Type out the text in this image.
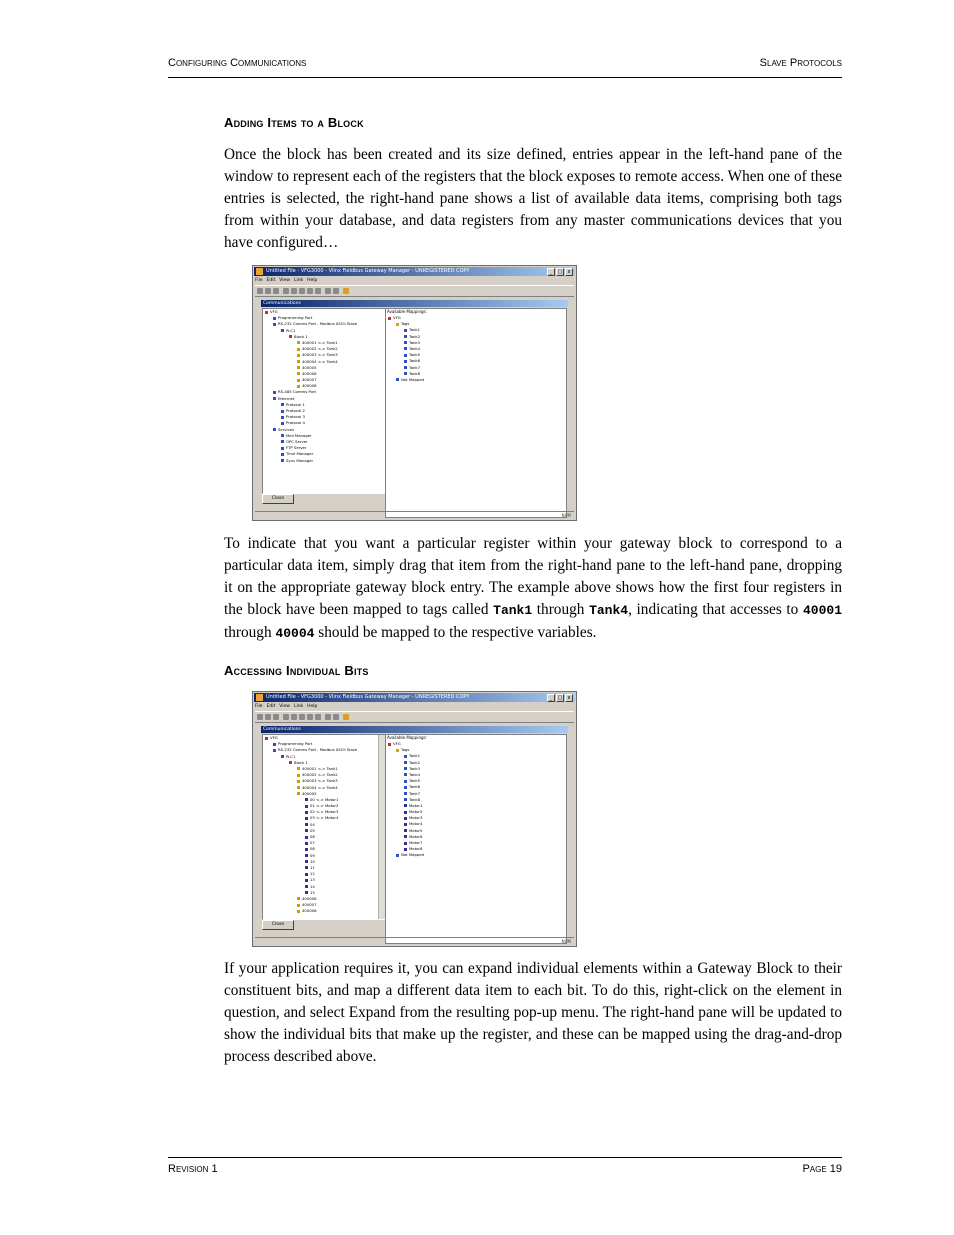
Configuring Communications	Slave Protocols
Adding Items to a Block
Once the block has been created and its size defined, entries appear in the left-hand pane of the window to represent each of the registers that the block exposes to remote access. When one of these entries is selected, the right-hand pane shows a list of available data items, comprising both tags from within your database, and data registers from any master communications devices that you have configured…
Untitled File - VFG3000 - Vlinx Fieldbus Gateway Manager - UNREGISTERED COPY	_	□	x
File Edit View Link Help
Communications
VFG
Programming Port
RS-232 Comms Port - Modbus ASCII Slave
PLC1
Block 1
400001 <-> Tank1
400002 <-> Tank2
400003 <-> Tank3
400004 <-> Tank4
400005
400006
400007
400008
RS-485 Comms Port
Ethernet
Protocol 1
Protocol 2
Protocol 3
Protocol 4
Services
Mail Manager
OPC Server
FTP Server
Time Manager
Sync Manager
Available Mappings:
VFG
Tags
Tank1
Tank2
Tank3
Tank4
Tank5
Tank6
Tank7
Tank8
Not Mapped
Close
NUM
To indicate that you want a particular register within your gateway block to correspond to a particular data item, simply drag that item from the right-hand pane to the left-hand pane, dropping it on the appropriate gateway block entry. The example above shows how the first four registers in the block have been mapped to tags called Tank1 through Tank4, indicating that accesses to 40001 through 40004 should be mapped to the respective variables.
Accessing Individual Bits
Untitled File - VFG3000 - Vlinx Fieldbus Gateway Manager - UNREGISTERED COPY	_	□	x
File Edit View Link Help
Communications
VFG
Programming Port
RS-232 Comms Port - Modbus ASCII Slave
PLC1
Block 1
400001 <-> Tank1
400002 <-> Tank2
400003 <-> Tank3
400004 <-> Tank4
400005
00 <-> Motor1
01 <-> Motor2
02 <-> Motor3
03 <-> Motor4
04
05
06
07
08
09
10
11
12
13
14
15
400006
400007
400008
Available Mappings:
VFG
Tags
Tank1
Tank2
Tank3
Tank4
Tank5
Tank6
Tank7
Tank8
Motor1
Motor2
Motor3
Motor4
Motor5
Motor6
Motor7
Motor8
Not Mapped
Close
NUM
If your application requires it, you can expand individual elements within a Gateway Block to their constituent bits, and map a different data item to each bit. To do this, right-click on the element in question, and select Expand from the resulting pop-up menu. The right-hand pane will be updated to show the individual bits that make up the register, and these can be mapped using the drag-and-drop process described above.
Revision 1	Page 19
